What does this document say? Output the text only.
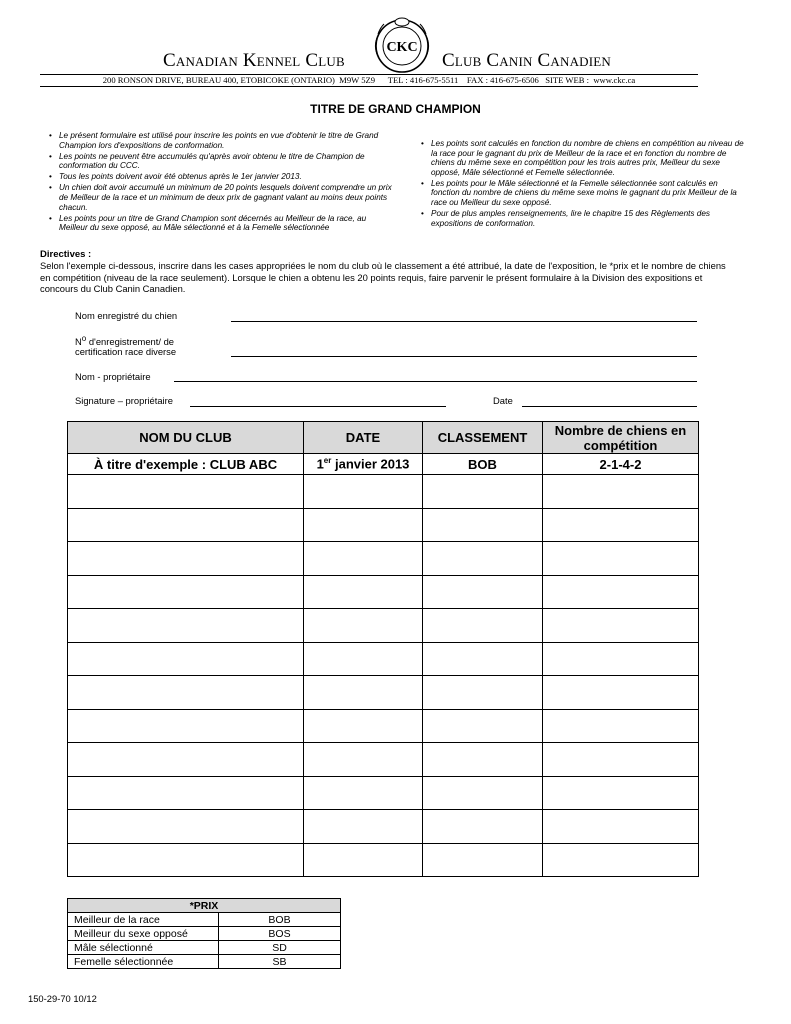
Canadian Kennel Club	Club Canin Canadien
CKC
200 RONSON DRIVE, BUREAU 400, ETOBICOKE (ONTARIO)  M9W 5Z9      TEL : 416-675-5511    FAX : 416-675-6506   SITE WEB :  www.ckc.ca
TITRE DE GRAND CHAMPION
• Le présent formulaire est utilisé pour inscrire les points en vue d'obtenir le titre de Grand Champion lors d'expositions de conformation.
• Les points ne peuvent être accumulés qu'après avoir obtenu le titre de Champion de conformation du CCC.
• Tous les points doivent avoir été obtenus après le 1er janvier 2013.
• Un chien doit avoir accumulé un minimum de 20 points lesquels doivent comprendre un prix de Meilleur de la race et un minimum de deux prix de gagnant valant au moins deux points chacun.
• Les points pour un titre de Grand Champion sont décernés au Meilleur de la race, au Meilleur du sexe opposé, au Mâle sélectionné et à la Femelle sélectionnée
• Les points sont calculés en fonction du nombre de chiens en compétition au niveau de la race pour le gagnant du prix de Meilleur de la race et en fonction du nombre de chiens du même sexe en compétition pour les trois autres prix, Meilleur du sexe opposé, Mâle sélectionné et Femelle sélectionnée.
• Les points pour le Mâle sélectionné et la Femelle sélectionnée sont calculés en fonction du nombre de chiens du même sexe moins le gagnant du prix Meilleur de la race ou Meilleur du sexe opposé.
• Pour de plus amples renseignements, lire le chapitre 15 des Règlements des expositions de conformation.
Directives :
Selon l'exemple ci-dessous, inscrire dans les cases appropriées le nom du club où le classement a été attribué, la date de l'exposition, le *prix et le nombre de chiens en compétition (niveau de la race seulement). Lorsque le chien a obtenu les 20 points requis, faire parvenir le présent formulaire à la Division des expositions et concours du Club Canin Canadien.
Nom enregistré du chien
$N^o$ d'enregistrement/ de
certification race diverse
Nom - propriétaire
Signature – propriétaire	Date
NOM DU CLUB	DATE	CLASSEMENT	Nombre de chiens en compétition
À titre d'exemple : CLUB ABC	1er janvier 2013	BOB	2-1-4-2

*PRIX	
Meilleur de la race	BOB
Meilleur du sexe opposé	BOS
Mâle sélectionné	SD
Femelle sélectionnée	SB
150-29-70 10/12
